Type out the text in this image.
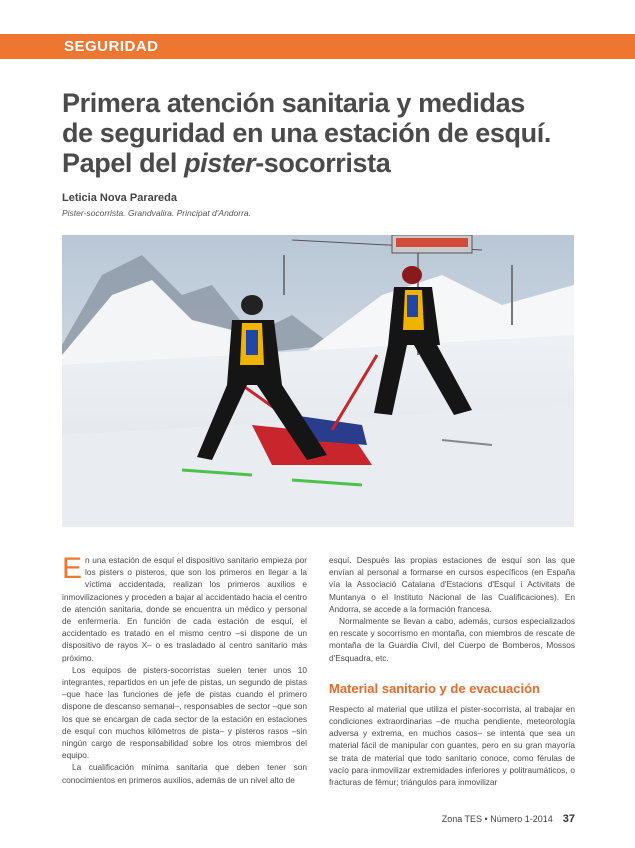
SEGURIDAD
Primera atención sanitaria y medidas
de seguridad en una estación de esquí.
Papel del pister-socorrista
Leticia Nova Parareda
Pister-socorrista. Grandvalira. Principat d'Andorra.

En una estación de esquí el dispositivo sanitario empieza por los pisters o pisteros, que son los primeros en llegar a la víctima accidentada, realizan los primeros auxilios e inmovilizaciones y proceden a bajar al accidentado hacia el centro de atención sanitaria, donde se encuentra un médico y personal de enfermería. En función de cada estación de esquí, el accidentado es tratado en el mismo centro –si dispone de un dispositivo de rayos X– o es trasladado al centro sanitario más próximo.

Los equipos de pisters-socorristas suelen tener unos 10 integrantes, repartidos en un jefe de pistas, un segundo de pistas –que hace las funciones de jefe de pistas cuando el primero dispone de descanso semanal–, responsables de sector –que son los que se encargan de cada sector de la estación en estaciones de esquí con muchos kilómetros de pista– y pisteros rasos –sin ningún cargo de responsabilidad sobre los otros miembros del equipo.

La cualificación mínima sanitaria que deben tener son conocimientos en primeros auxilios, además de un nivel alto de

esquí. Después las propias estaciones de esquí son las que envían al personal a formarse en cursos específicos (en España vía la Associació Catalana d'Estacions d'Esquí i Activitats de Muntanya o el Instituto Nacional de las Cualificaciones). En Andorra, se accede a la formación francesa.

Normalmente se llevan a cabo, además, cursos especializados en rescate y socorrismo en montaña, con miembros de rescate de montaña de la Guardia Civil, del Cuerpo de Bomberos, Mossos d'Esquadra, etc.

Material sanitario y de evacuación

Respecto al material que utiliza el pister-socorrista, al trabajar en condiciones extraordinarias –de mucha pendiente, meteorología adversa y extrema, en muchos casos– se intenta que sea un material fácil de manipular con guantes, pero en su gran mayoría se trata de material que todo sanitario conoce, como férulas de vacío para inmovilizar extremidades inferiores y politraumáticos, o fracturas de fémur; triángulos para inmovilizar

Zona TES • Número 1-2014 37
